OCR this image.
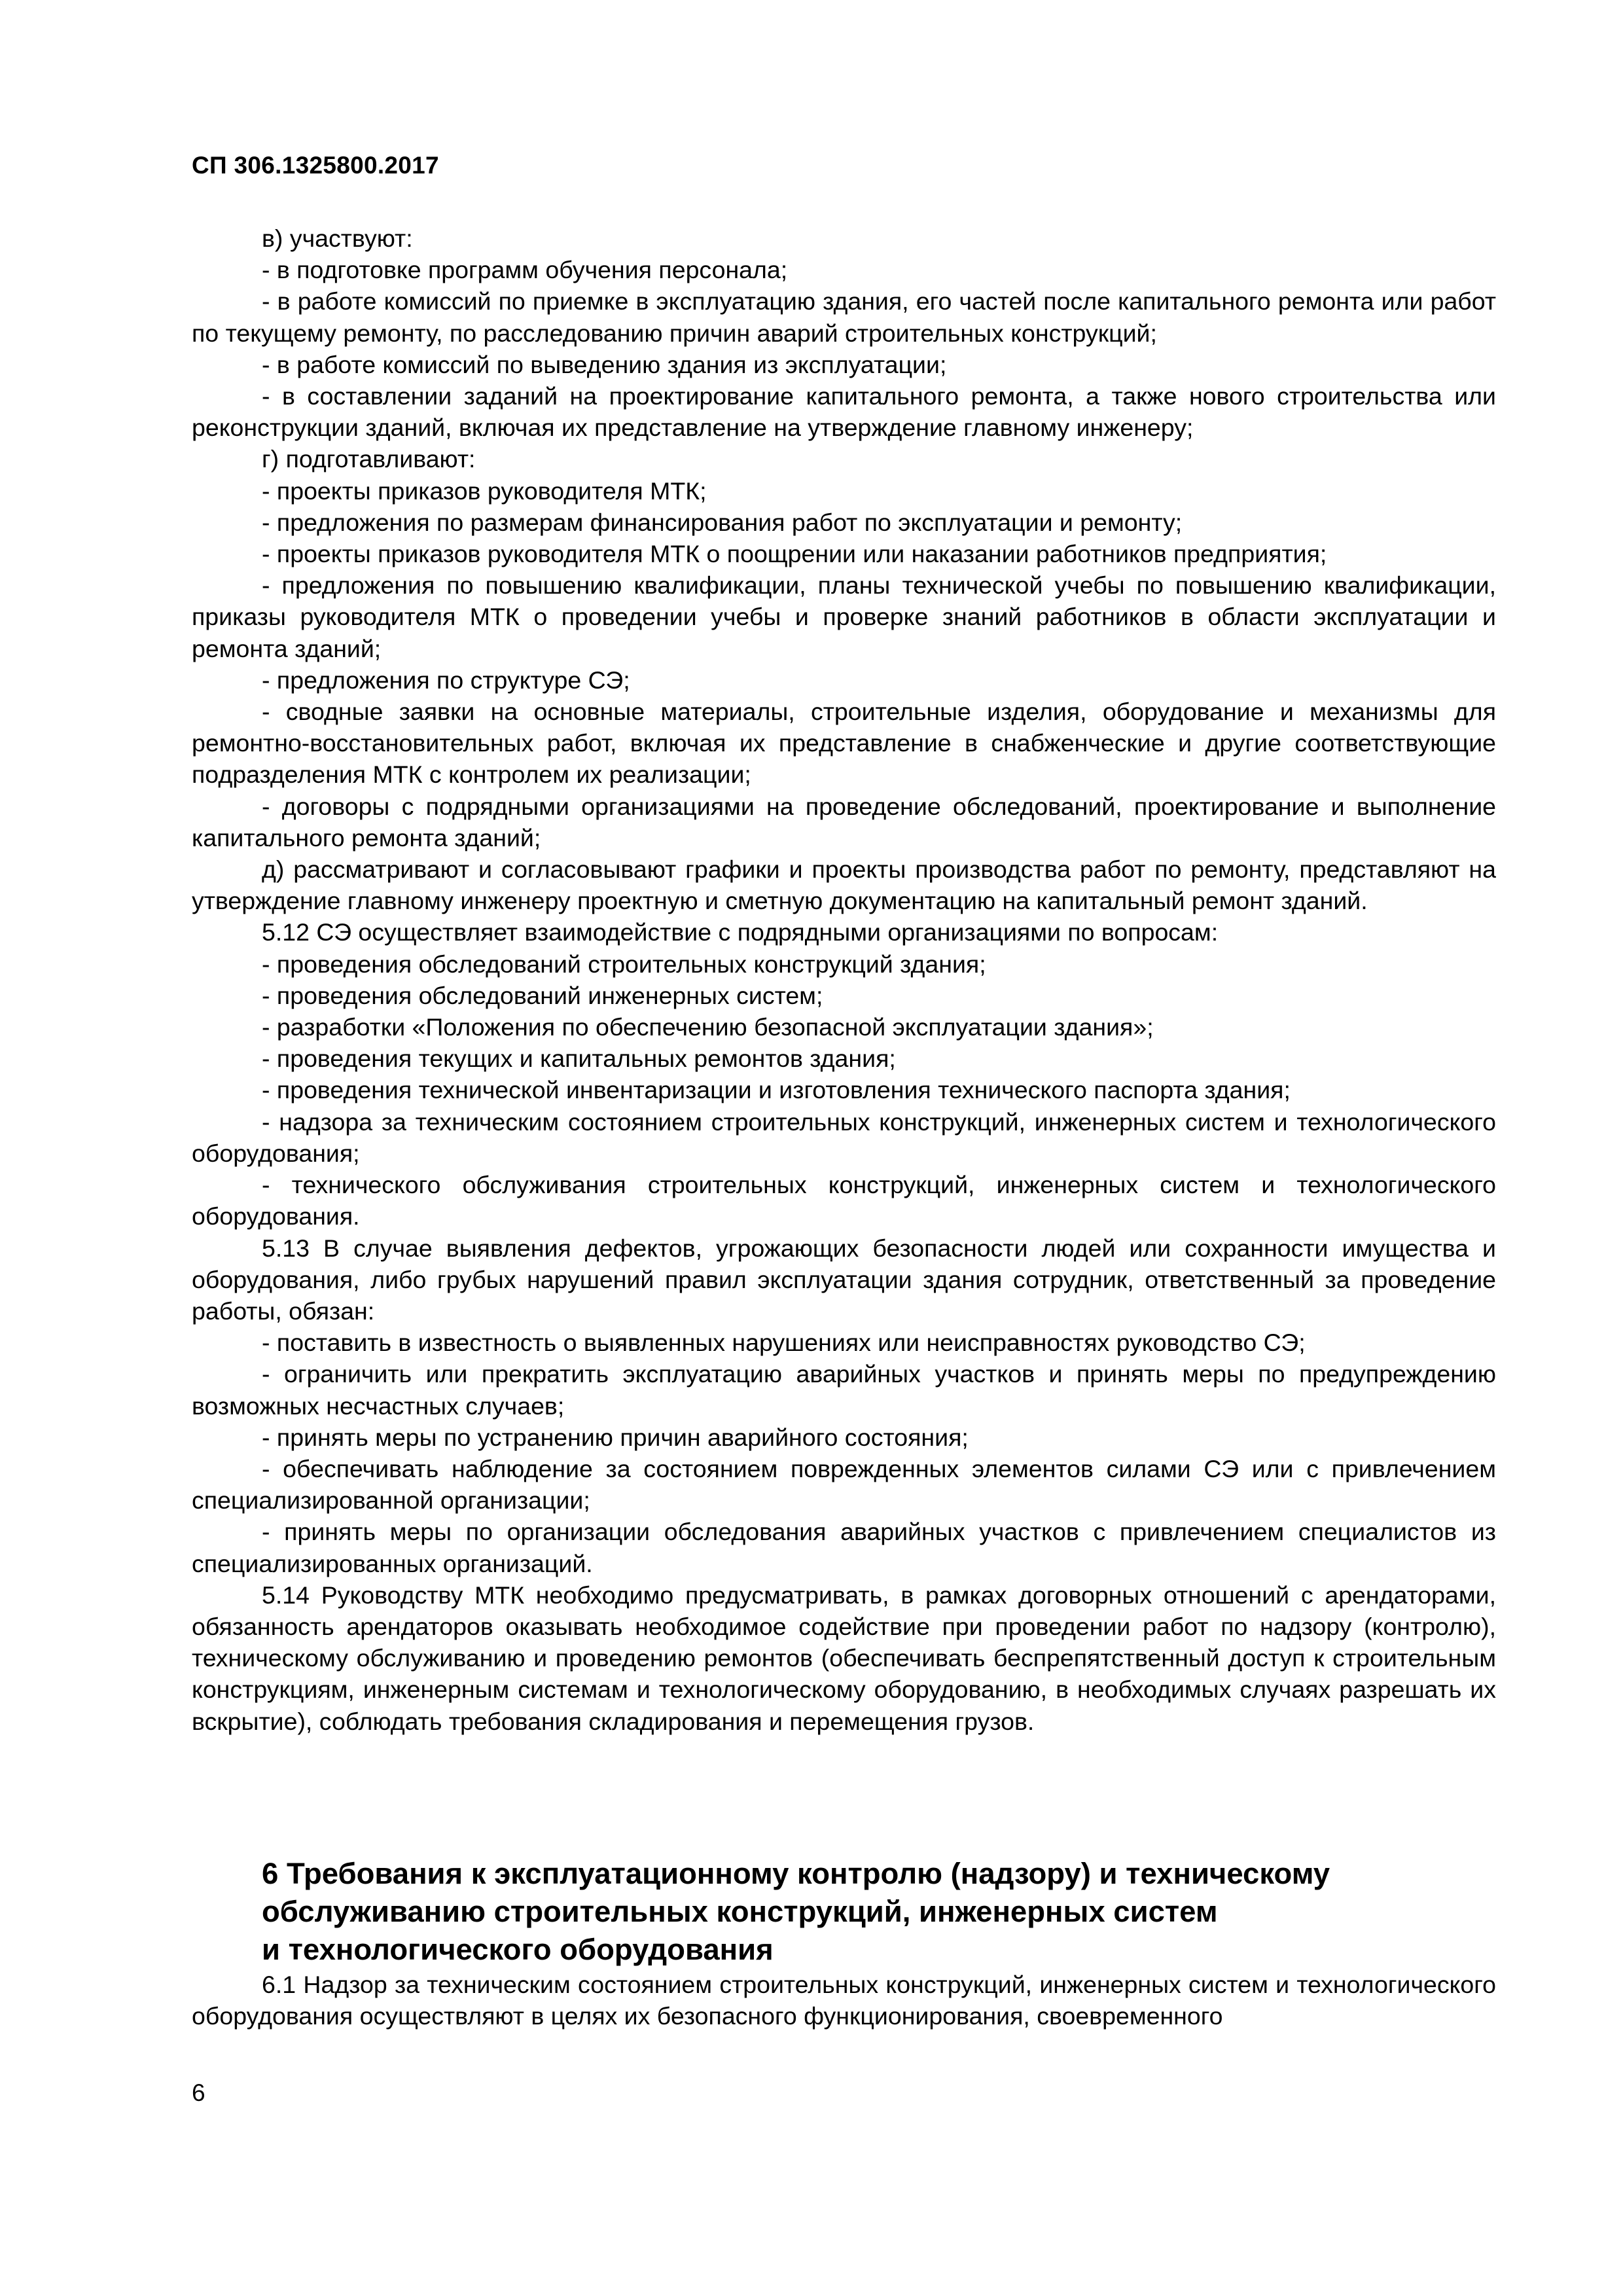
СП 306.1325800.2017

в) участвуют:

- в подготовке программ обучения персонала;

- в работе комиссий по приемке в эксплуатацию здания, его частей после капитального ремонта или работ по текущему ремонту, по расследованию причин аварий строительных конструкций;

- в работе комиссий по выведению здания из эксплуатации;

- в составлении заданий на проектирование капитального ремонта, а также нового строительства или реконструкции зданий, включая их представление на утверждение главному инженеру;

г) подготавливают:

- проекты приказов руководителя МТК;

- предложения по размерам финансирования работ по эксплуатации и ремонту;

- проекты приказов руководителя МТК о поощрении или наказании работников предприятия;

- предложения по повышению квалификации, планы технической учебы по повышению квалификации, приказы руководителя МТК о проведении учебы и проверке знаний работников в области эксплуатации и ремонта зданий;

- предложения по структуре СЭ;

- сводные заявки на основные материалы, строительные изделия, оборудование и механизмы для ремонтно-восстановительных работ, включая их представление в снабженческие и другие соответствующие подразделения МТК с контролем их реализации;

- договоры с подрядными организациями на проведение обследований, проектирование и выполнение капитального ремонта зданий;

д) рассматривают и согласовывают графики и проекты производства работ по ремонту, представляют на утверждение главному инженеру проектную и сметную документацию на капитальный ремонт зданий.

5.12 СЭ осуществляет взаимодействие с подрядными организациями по вопросам:

- проведения обследований строительных конструкций здания;

- проведения обследований инженерных систем;

- разработки «Положения по обеспечению безопасной эксплуатации здания»;

- проведения текущих и капитальных ремонтов здания;

- проведения технической инвентаризации и изготовления технического паспорта здания;

- надзора за техническим состоянием строительных конструкций, инженерных систем и технологического оборудования;

- технического обслуживания строительных конструкций, инженерных систем и технологического оборудования.

5.13 В случае выявления дефектов, угрожающих безопасности людей или сохранности имущества и оборудования, либо грубых нарушений правил эксплуатации здания сотрудник, ответственный за проведение работы, обязан:

- поставить в известность о выявленных нарушениях или неисправностях руководство СЭ;

- ограничить или прекратить эксплуатацию аварийных участков и принять меры по предупреждению возможных несчастных случаев;

- принять меры по устранению причин аварийного состояния;

- обеспечивать наблюдение за состоянием поврежденных элементов силами СЭ или с привлечением специализированной организации;

- принять меры по организации обследования аварийных участков с привлечением специалистов из специализированных организаций.

5.14 Руководству МТК необходимо предусматривать, в рамках договорных отношений с арендаторами, обязанность арендаторов оказывать необходимое содействие при проведении работ по надзору (контролю), техническому обслуживанию и проведению ремонтов (обеспечивать беспрепятственный доступ к строительным конструкциям, инженерным системам и технологическому оборудованию, в необходимых случаях разрешать их вскрытие), соблюдать требования складирования и перемещения грузов.

6 Требования к эксплуатационному контролю (надзору) и техническому
обслуживанию строительных конструкций, инженерных систем
и технологического оборудования

6.1 Надзор за техническим состоянием строительных конструкций, инженерных систем и технологического оборудования осуществляют в целях их безопасного функционирования, своевременного

6
